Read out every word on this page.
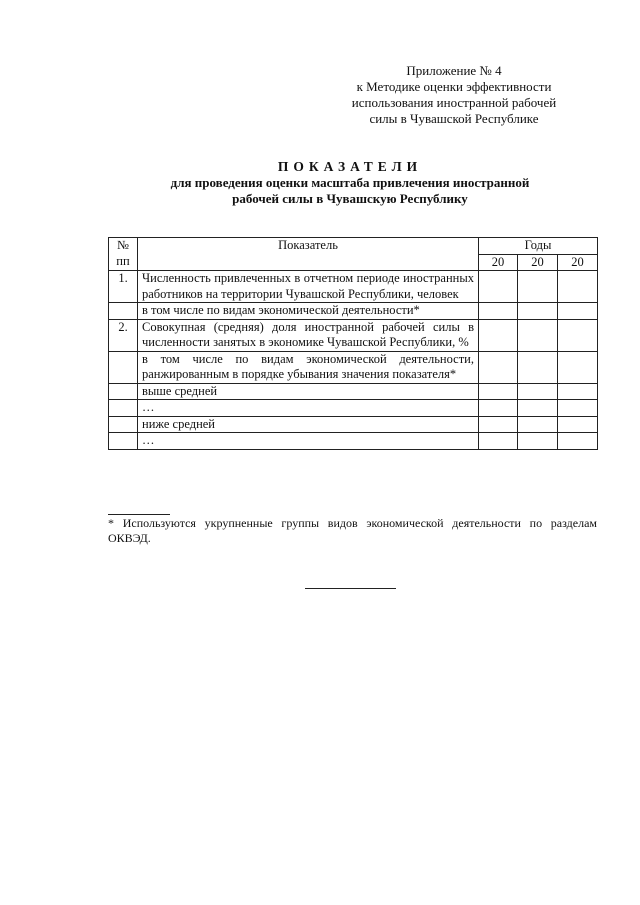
Приложение № 4
к Методике оценки эффективности
использования иностранной рабочей
силы в Чувашской Республике
ПОКАЗАТЕЛИ
для проведения оценки масштаба привлечения иностранной
рабочей силы в Чувашскую Республику
№
пп	Показатель	Годы		
		20	20	20
1.	Численность привлеченных в отчетном периоде иностранных работников на территории Чувашской Республики, человек			
	в том числе по видам экономической деятельности*			
2.	Совокупная (средняя) доля иностранной рабочей силы в численности занятых в экономике Чувашской Республики, %			
	в том числе по видам экономической деятельности, ранжированным в порядке убывания значения показателя*			
	выше средней			
	…			
	ниже средней			
	…			
* Используются укрупненные группы видов экономической деятельности по разделам ОКВЭД.
